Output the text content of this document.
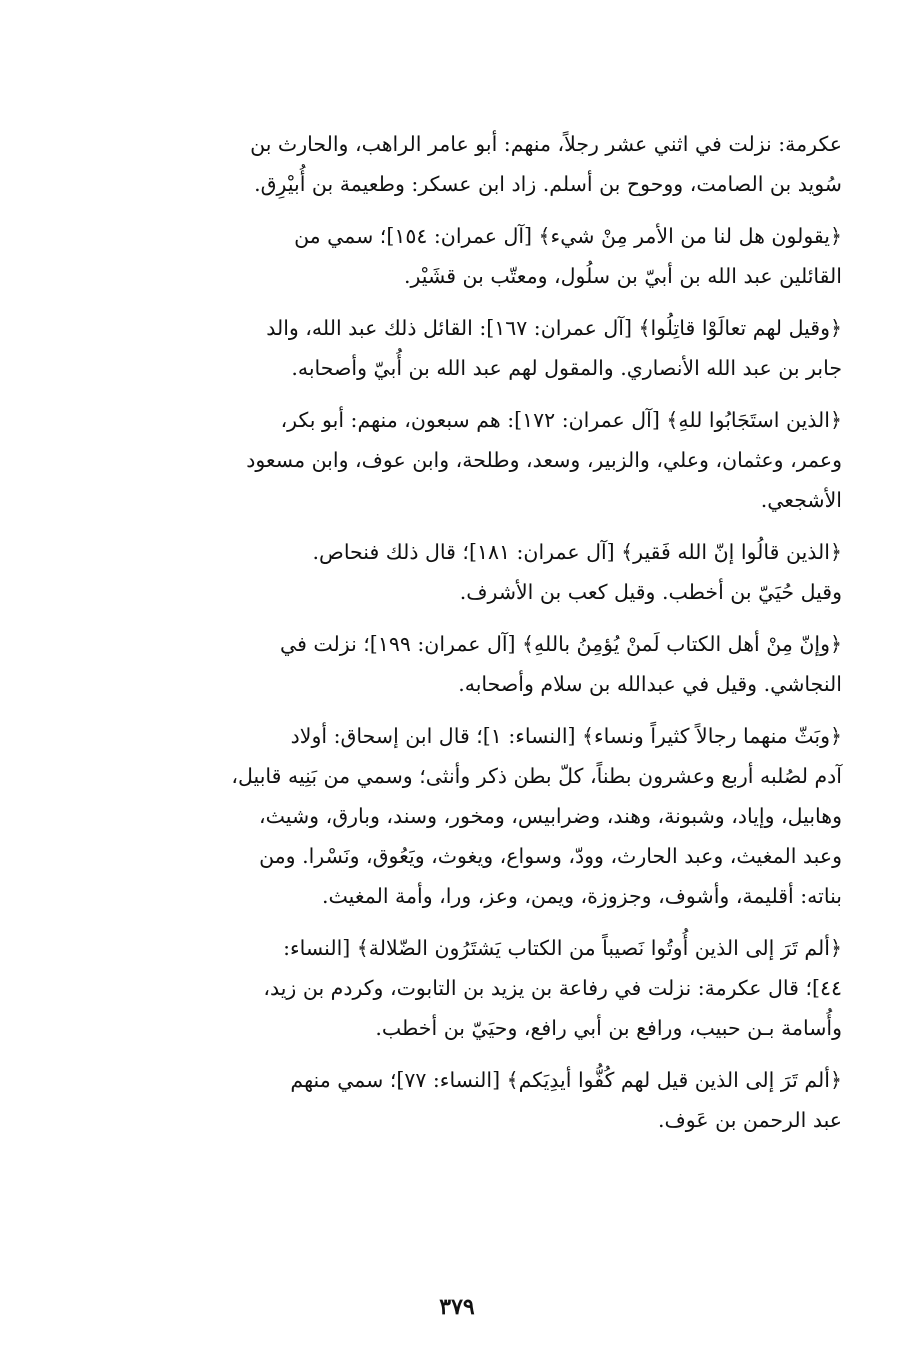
عكرمة: نزلت في اثني عشر رجلاً، منهم: أبو عامر الراهب، والحارث بن
سُويد بن الصامت، ووحوح بن أسلم. زاد ابن عسكر: وطعيمة بن أُبيْرِق.

﴿يقولون هل لنا من الأمر مِنْ شيء﴾ [آل عمران: ١٥٤]؛ سمي من
القائلين عبد الله بن أبيّ بن سلُول، ومعتّب بن قشَيْر.

﴿وقيل لهم تعالَوْا قاتِلُوا﴾ [آل عمران: ١٦٧]: القائل ذلك عبد الله، والد
جابر بن عبد الله الأنصاري. والمقول لهم عبد الله بن أُبيّ وأصحابه.

﴿الذين استَجَابُوا للهِ﴾ [آل عمران: ١٧٢]: هم سبعون، منهم: أبو بكر،
وعمر، وعثمان، وعلي، والزبير، وسعد، وطلحة، وابن عوف، وابن مسعود
الأشجعي.

﴿الذين قالُوا إنّ الله فَقير﴾ [آل عمران: ١٨١]؛ قال ذلك فنحاص.
وقيل حُيَيّ بن أخطب. وقيل كعب بن الأشرف.

﴿وإنّ مِنْ أهل الكتاب لَمنْ يُؤمِنُ باللهِ﴾ [آل عمران: ١٩٩]؛ نزلت في
النجاشي. وقيل في عبدالله بن سلام وأصحابه.

﴿وبَثّ منهما رجالاً كثيراً ونساء﴾ [النساء: ١]؛ قال ابن إسحاق: أولاد
آدم لصُلبه أربع وعشرون بطناً، كلّ بطن ذكر وأنثى؛ وسمي من بَنِيه قابيل،
وهابيل، وإياد، وشبونة، وهند، وضرابيس، ومخور، وسند، وبارق، وشيث،
وعبد المغيث، وعبد الحارث، وودّ، وسواع، ويغوث، ويَعُوق، ونَسْرا. ومن
بناته: أقليمة، وأشوف، وجزوزة، ويمن، وعز، ورا، وأمة المغيث.

﴿ألم تَرَ إلى الذين أُوتُوا نَصيباً من الكتاب يَشتَرُون الضّلالة﴾ [النساء:
٤٤]؛ قال عكرمة: نزلت في رفاعة بن يزيد بن التابوت، وكردم بن زيد،
وأُسامة بـن حبيب، ورافع بن أبي رافع، وحيَيّ بن أخطب.

﴿ألم تَرَ إلى الذين قيل لهم كُفُّوا أيدِيَكم﴾ [النساء: ٧٧]؛ سمي منهم
عبد الرحمن بن عَوف.

٣٧٩
